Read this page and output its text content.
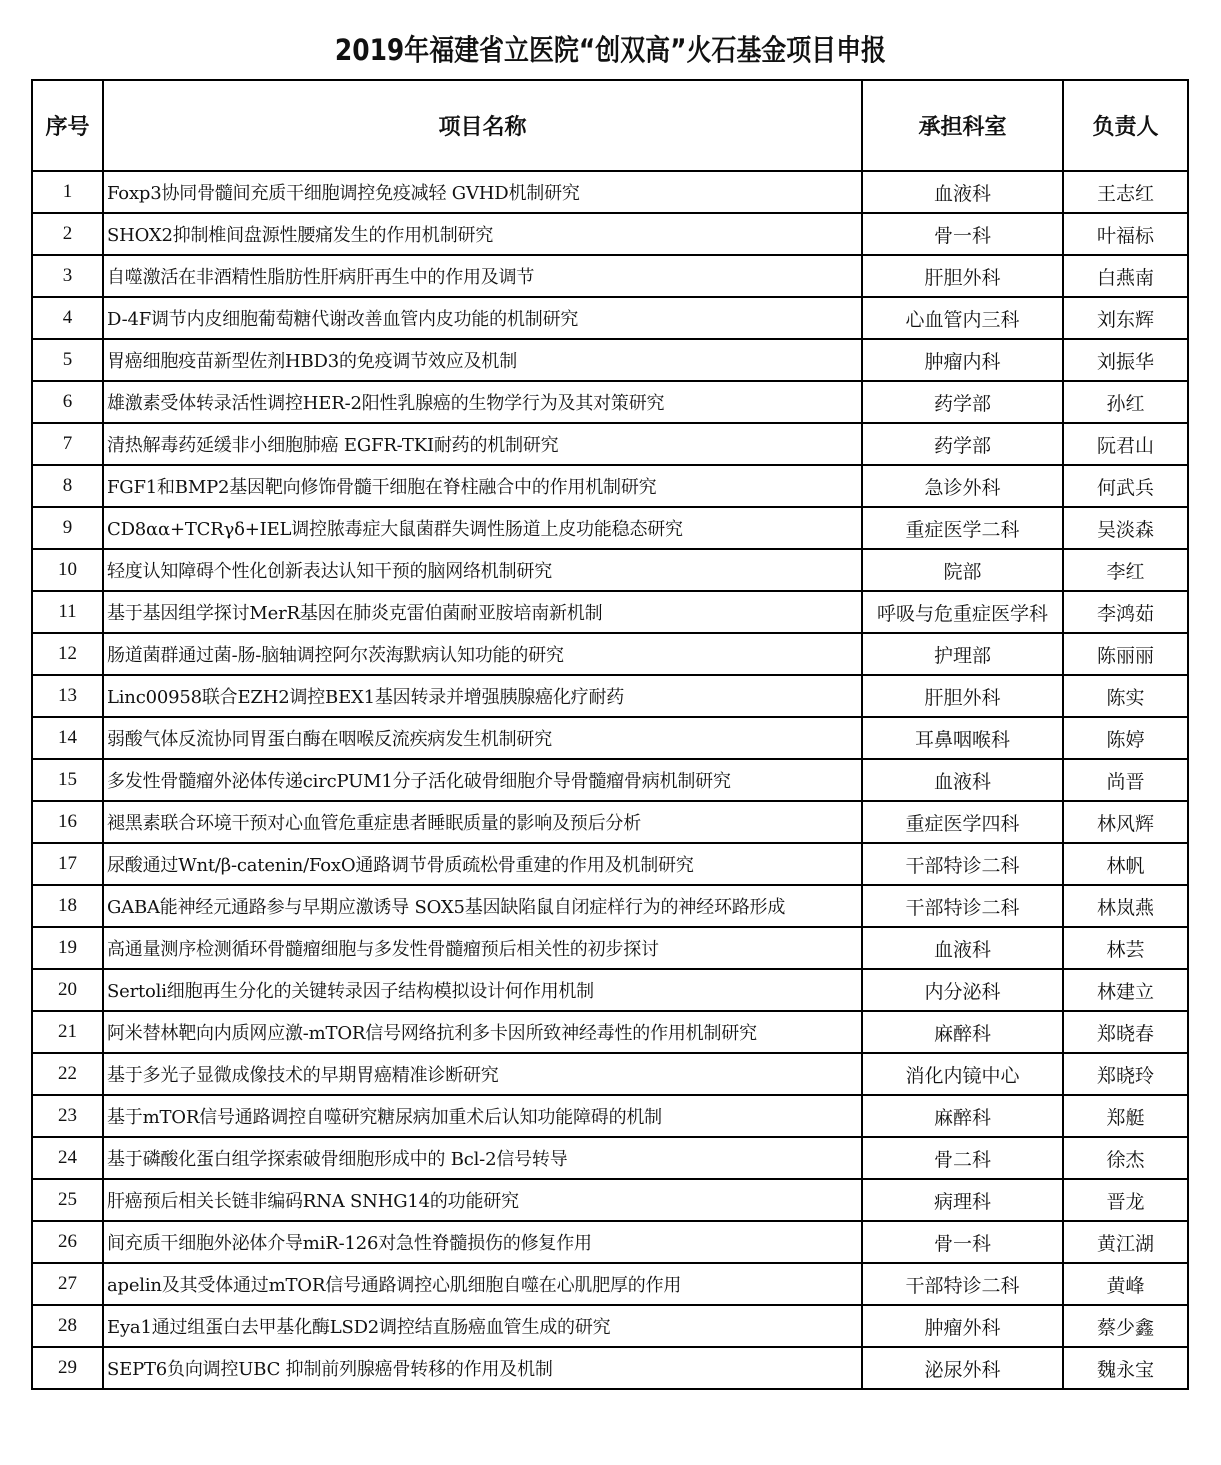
2019年福建省立医院“创双高”火石基金项目申报
序号	项目名称	承担科室	负责人
1	Foxp3协同骨髓间充质干细胞调控免疫减轻 GVHD机制研究	血液科	王志红
2	SHOX2抑制椎间盘源性腰痛发生的作用机制研究	骨一科	叶福标
3	自噬激活在非酒精性脂肪性肝病肝再生中的作用及调节	肝胆外科	白燕南
4	D-4F调节内皮细胞葡萄糖代谢改善血管内皮功能的机制研究	心血管内三科	刘东辉
5	胃癌细胞疫苗新型佐剂HBD3的免疫调节效应及机制	肿瘤内科	刘振华
6	雄激素受体转录活性调控HER-2阳性乳腺癌的生物学行为及其对策研究	药学部	孙红
7	清热解毒药延缓非小细胞肺癌 EGFR-TKI耐药的机制研究	药学部	阮君山
8	FGF1和BMP2基因靶向修饰骨髓干细胞在脊柱融合中的作用机制研究	急诊外科	何武兵
9	CD8αα+TCRγδ+IEL调控脓毒症大鼠菌群失调性肠道上皮功能稳态研究	重症医学二科	吴淡森
10	轻度认知障碍个性化创新表达认知干预的脑网络机制研究	院部	李红
11	基于基因组学探讨MerR基因在肺炎克雷伯菌耐亚胺培南新机制	呼吸与危重症医学科	李鸿茹
12	肠道菌群通过菌-肠-脑轴调控阿尔茨海默病认知功能的研究	护理部	陈丽丽
13	Linc00958联合EZH2调控BEX1基因转录并增强胰腺癌化疗耐药	肝胆外科	陈实
14	弱酸气体反流协同胃蛋白酶在咽喉反流疾病发生机制研究	耳鼻咽喉科	陈婷
15	多发性骨髓瘤外泌体传递circPUM1分子活化破骨细胞介导骨髓瘤骨病机制研究	血液科	尚晋
16	褪黑素联合环境干预对心血管危重症患者睡眠质量的影响及预后分析	重症医学四科	林风辉
17	尿酸通过Wnt/β-catenin/FoxO通路调节骨质疏松骨重建的作用及机制研究	干部特诊二科	林帆
18	GABA能神经元通路参与早期应激诱导 SOX5基因缺陷鼠自闭症样行为的神经环路形成	干部特诊二科	林岚燕
19	高通量测序检测循环骨髓瘤细胞与多发性骨髓瘤预后相关性的初步探讨	血液科	林芸
20	Sertoli细胞再生分化的关键转录因子结构模拟设计何作用机制	内分泌科	林建立
21	阿米替林靶向内质网应激-mTOR信号网络抗利多卡因所致神经毒性的作用机制研究	麻醉科	郑晓春
22	基于多光子显微成像技术的早期胃癌精准诊断研究	消化内镜中心	郑晓玲
23	基于mTOR信号通路调控自噬研究糖尿病加重术后认知功能障碍的机制	麻醉科	郑艇
24	基于磷酸化蛋白组学探索破骨细胞形成中的 Bcl-2信号转导	骨二科	徐杰
25	肝癌预后相关长链非编码RNA SNHG14的功能研究	病理科	晋龙
26	间充质干细胞外泌体介导miR-126对急性脊髓损伤的修复作用	骨一科	黄江湖
27	apelin及其受体通过mTOR信号通路调控心肌细胞自噬在心肌肥厚的作用	干部特诊二科	黄峰
28	Eya1通过组蛋白去甲基化酶LSD2调控结直肠癌血管生成的研究	肿瘤外科	蔡少鑫
29	SEPT6负向调控UBC 抑制前列腺癌骨转移的作用及机制	泌尿外科	魏永宝
